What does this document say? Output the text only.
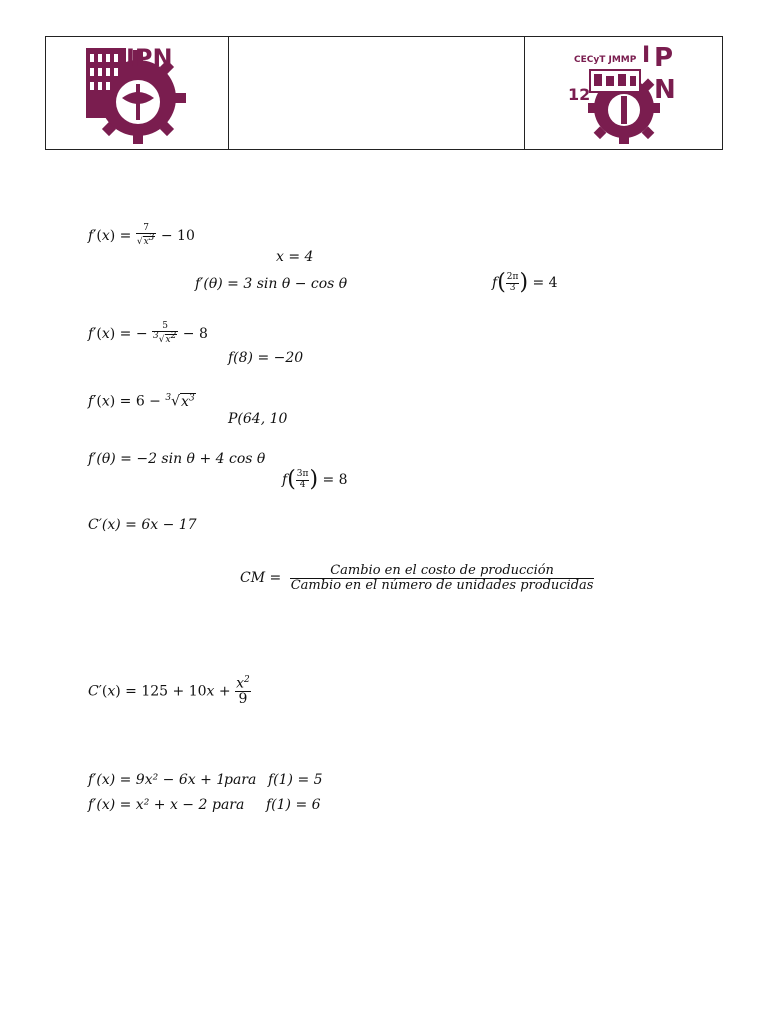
IPN
12
CECyT JMMP I P
N
$f'(x) = \frac{7}{√x^3} - 10$
x = 4
f′(θ) = 3 sin θ − cos θ	$f( \frac{2\pi}{3}$ ) = 4
f′(x) = − $\frac{5}{^3√x^2} - 8$
f(8) = −20
$f'(x) = 6 - ^3√x^3$
P(64, 10
f′(θ) = −2 sin θ + 4 cos θ
$f( \frac{3\pi}{4}$ ) = 8
C′(x) = 6x − 17
CM = $\frac{\text{Cambio en el costo de producción}}{\text{Cambio en el número de unidades producidas}}$
$C'(x) = 125 + 10x + \frac{x^2}{9}$
f′(x) = 9x² − 6x + 1
para f(1) = 5
f′(x) = x² + x − 2 para f(1) = 6
